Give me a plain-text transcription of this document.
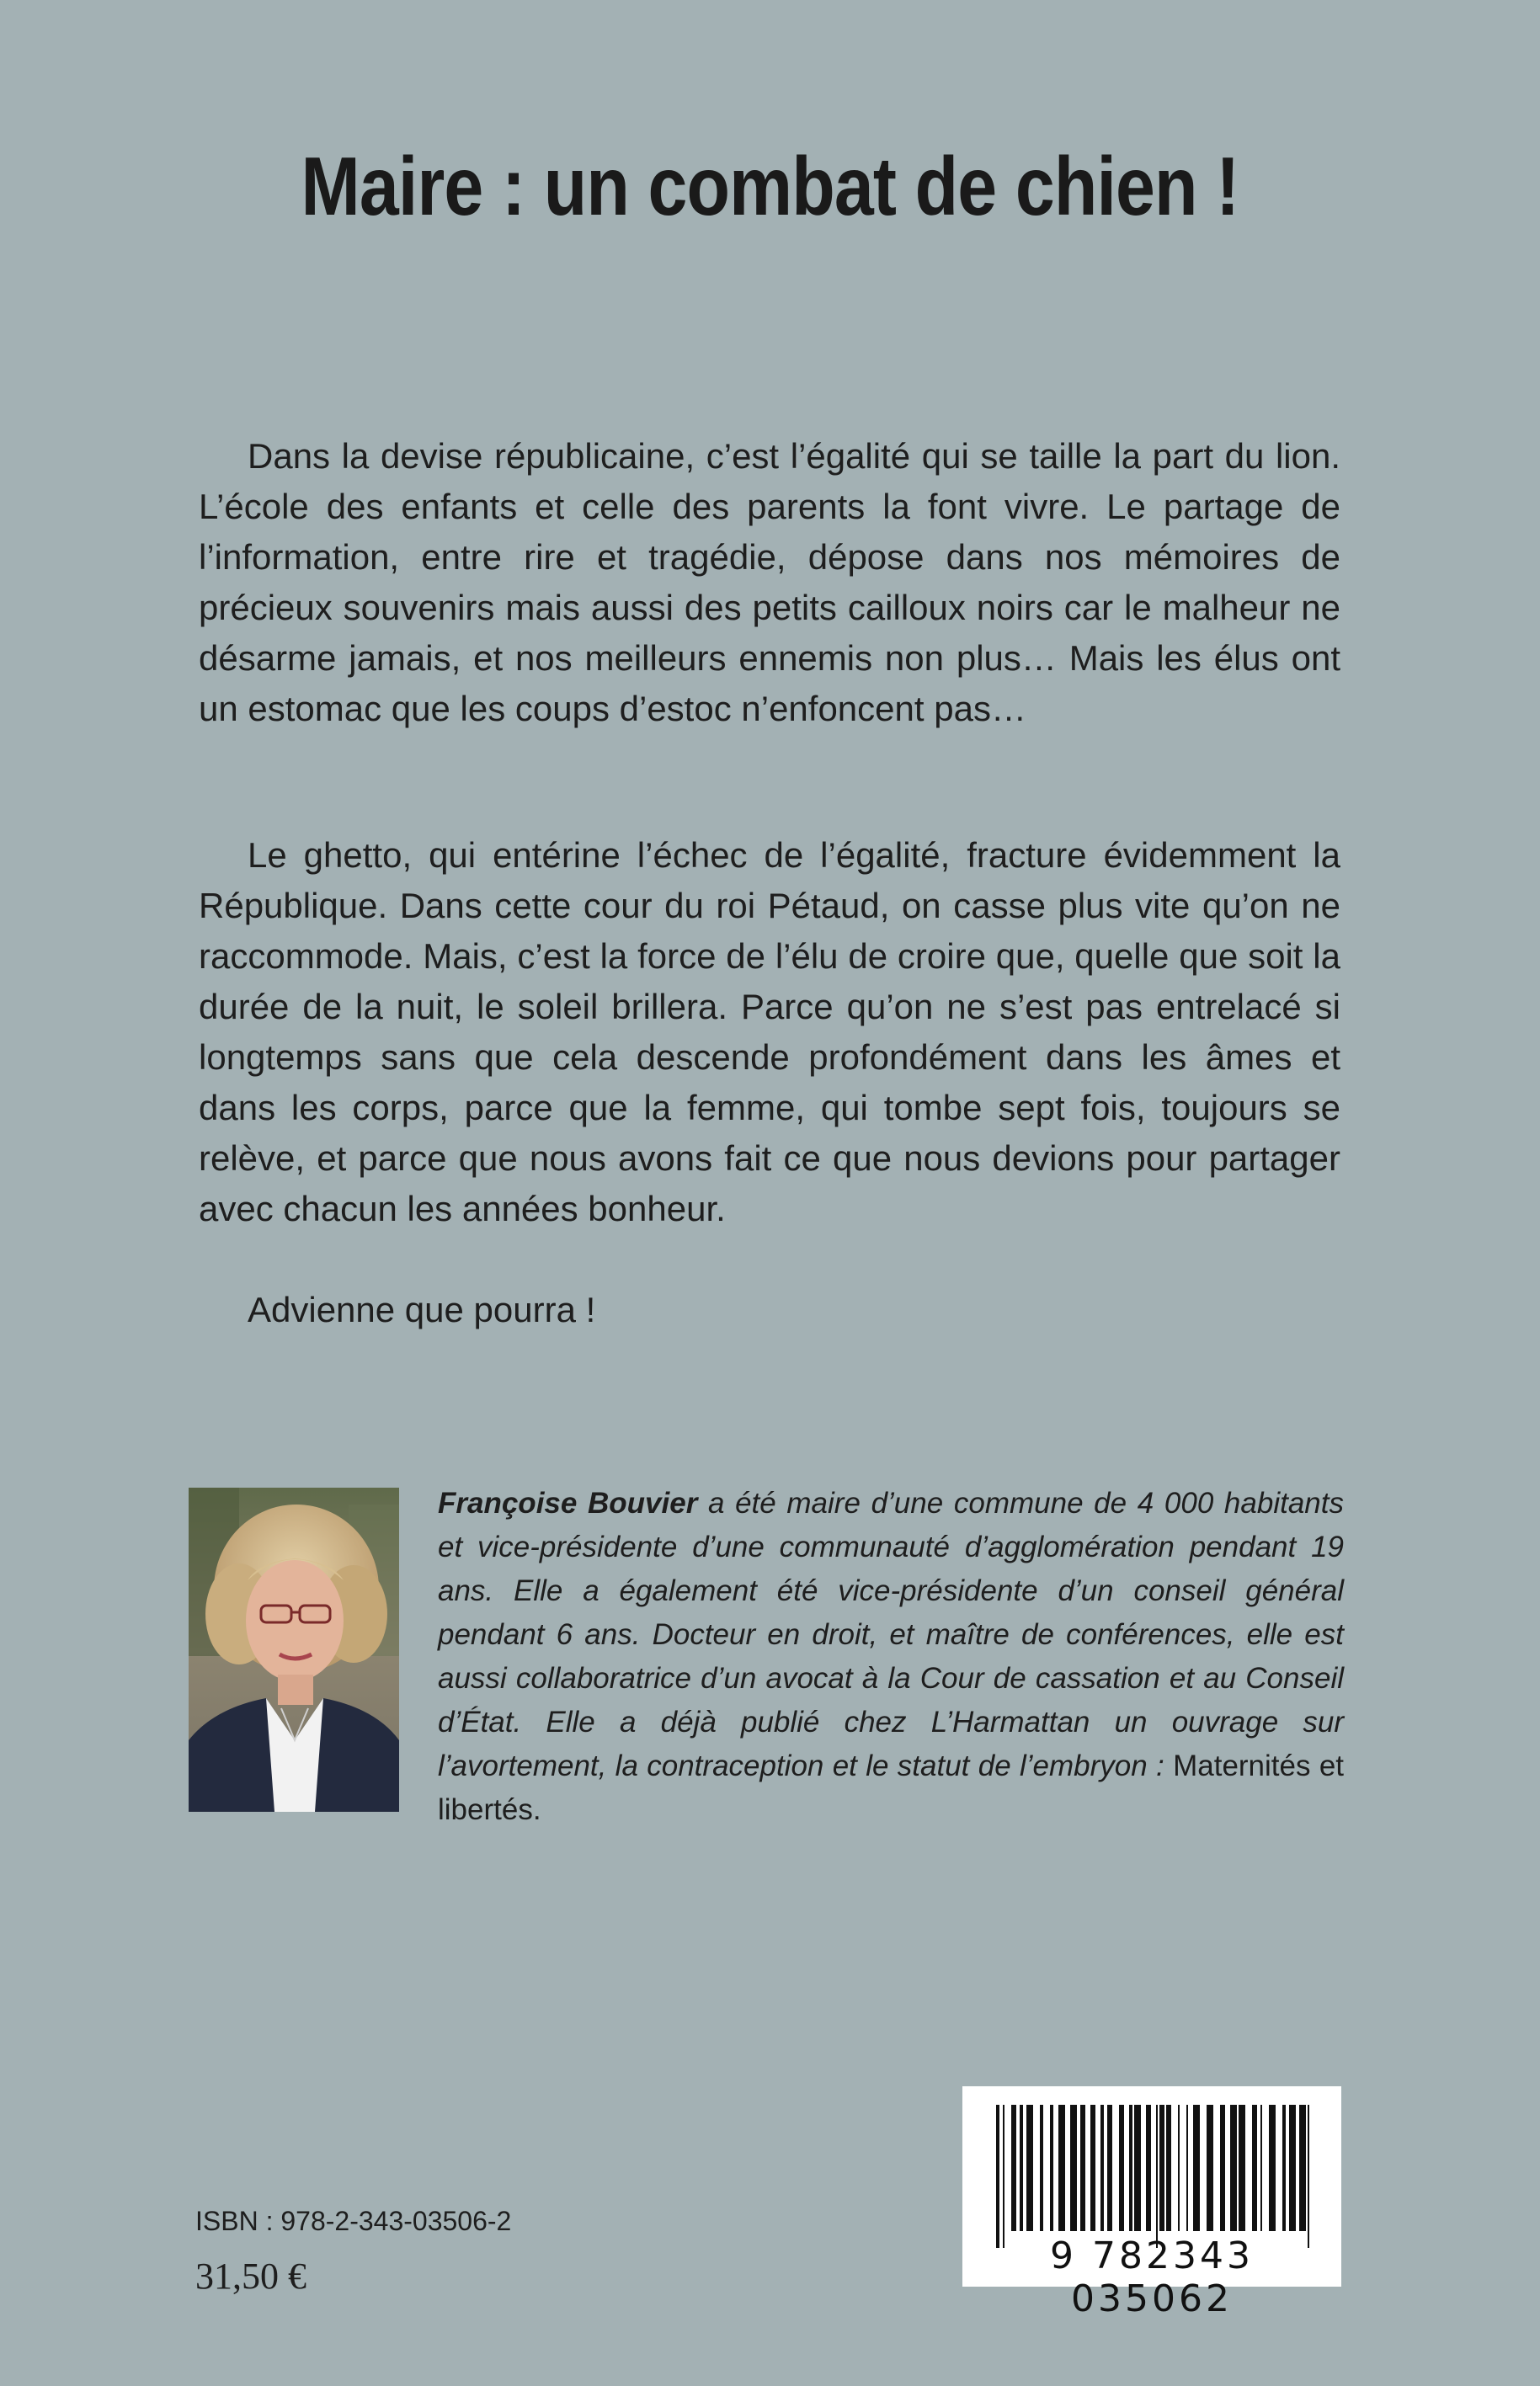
Maire : un combat de chien !
Dans la devise républicaine, c’est l’égalité qui se taille la part du lion. L’école des enfants et celle des parents la font vivre. Le partage de l’information, entre rire et tragédie, dépose dans nos mémoires de précieux souvenirs mais aussi des petits cailloux noirs car le malheur ne désarme jamais, et nos meilleurs ennemis non plus… Mais les élus ont un estomac que les coups d’estoc n’enfoncent pas…
Le ghetto, qui entérine l’échec de l’égalité, fracture évidemment la République. Dans cette cour du roi Pétaud, on casse plus vite qu’on ne raccommode. Mais, c’est la force de l’élu de croire que, quelle que soit la durée de la nuit, le soleil brillera. Parce qu’on ne s’est pas entrelacé si longtemps sans que cela descende profondément dans les âmes et dans les corps, parce que la femme, qui tombe sept fois, toujours se relève, et parce que nous avons fait ce que nous devions pour partager avec chacun les années bonheur.
Advienne que pourra !
Françoise Bouvier a été maire d’une commune de 4 000 habitants et vice-présidente d’une communauté d’agglomération pendant 19 ans. Elle a également été vice-présidente d’un conseil général pendant 6 ans. Docteur en droit, et maître de conférences, elle est aussi collaboratrice d’un avocat à la Cour de cassation et au Conseil d’État. Elle a déjà publié chez L’Harmattan un ouvrage sur l’avortement, la contraception et le statut de l’embryon : Maternités et libertés.
ISBN : 978-2-343-03506-2
31,50 €	9 782343 035062
